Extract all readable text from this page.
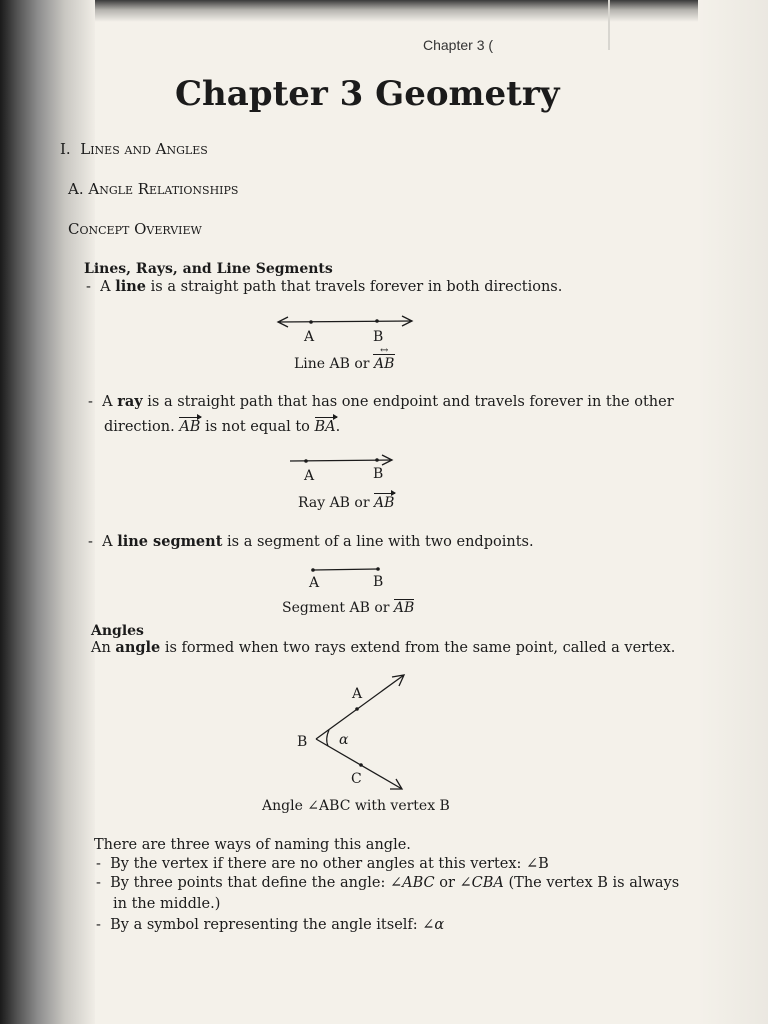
Chapter 3 (
Chapter 3 Geometry
I. Lines and Angles
A. Angle Relationships
Concept Overview
Lines, Rays, and Line Segments
- A line is a straight path that travels forever in both directions.
A	B
Line AB or ↔ AB
- A ray is a straight path that has one endpoint and travels forever in the other
direction. AB is not equal to BA.
A	B
Ray AB or AB
- A line segment is a segment of a line with two endpoints.
A	B
Segment AB or AB
Angles
An angle is formed when two rays extend from the same point, called a vertex.
A
B α
C
Angle ∠ABC with vertex B
There are three ways of naming this angle.
- By the vertex if there are no other angles at this vertex: ∠B
- By three points that define the angle: ∠ABC or ∠CBA (The vertex B is always
in the middle.)
- By a symbol representing the angle itself: ∠α
